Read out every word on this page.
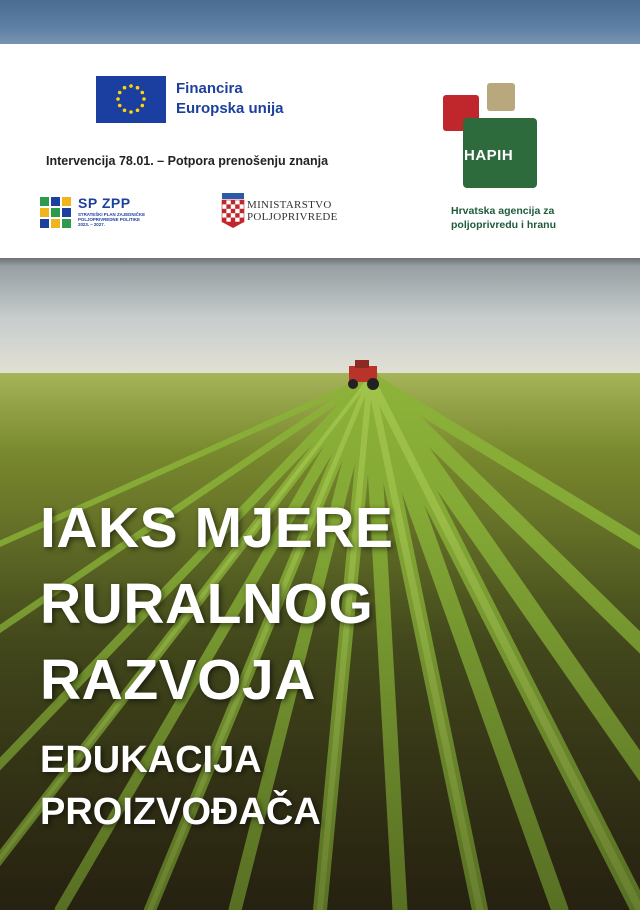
Financira
Europska unija
Intervencija 78.01. – Potpora prenošenju znanja
SP ZPP
STRATEŠKI PLAN ZAJEDNIČKE POLJOPRIVREDNE POLITIKE 2023. – 2027.
MINISTARSTVO
POLJOPRIVREDE
HAPIH
Hrvatska agencija za
poljoprivredu i hranu
IAKS MJERE
RURALNOG
RAZVOJA
EDUKACIJA
PROIZVOĐAČA
